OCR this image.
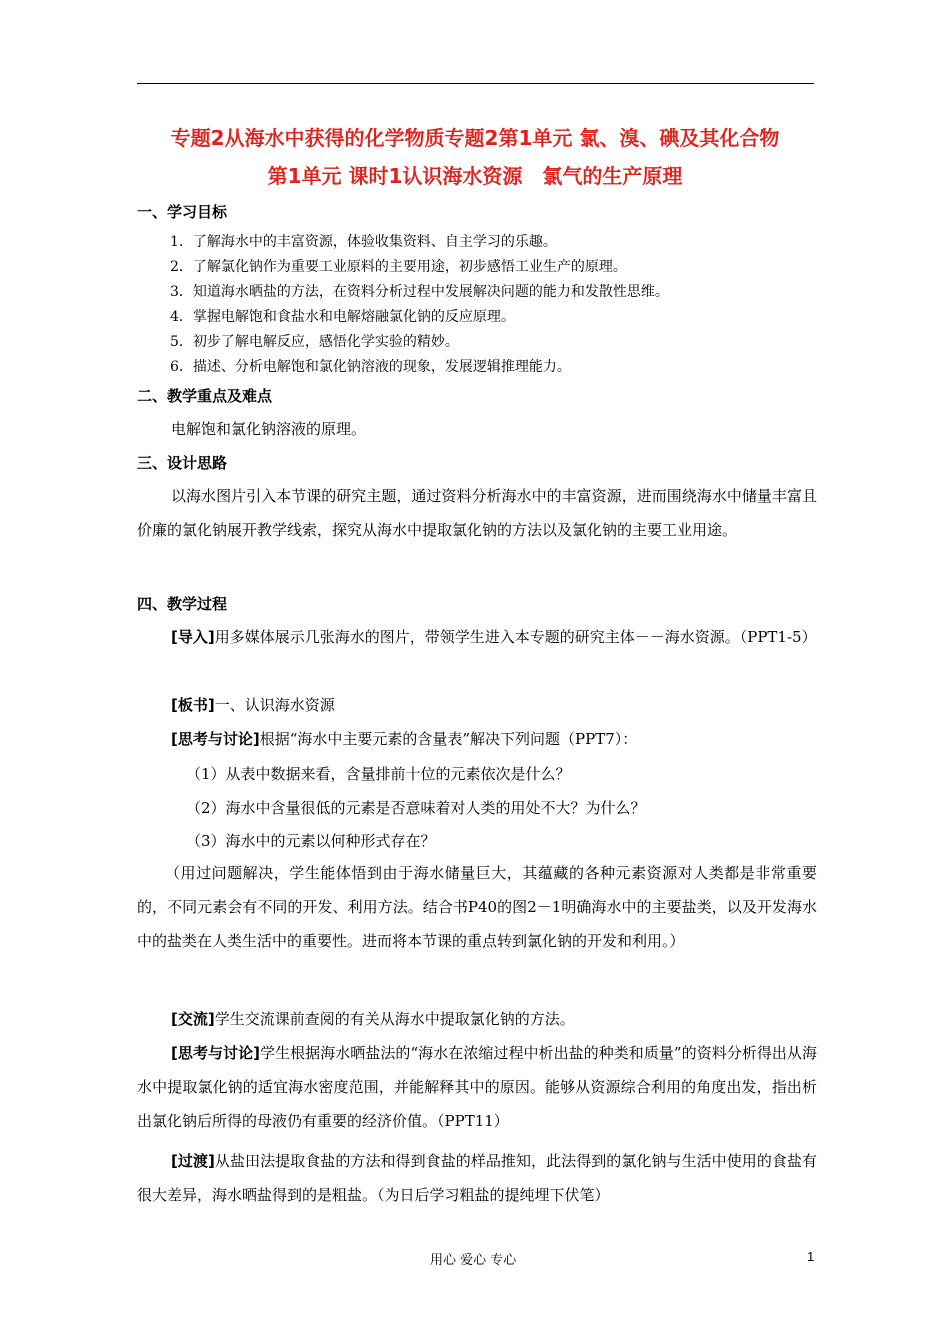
专题2从海水中获得的化学物质专题2第1单元 氯、溴、碘及其化合物
第1单元 课时1认识海水资源　氯气的生产原理
一、学习目标
1．了解海水中的丰富资源，体验收集资料、自主学习的乐趣。
2．了解氯化钠作为重要工业原料的主要用途，初步感悟工业生产的原理。
3．知道海水晒盐的方法，在资料分析过程中发展解决问题的能力和发散性思维。
4．掌握电解饱和食盐水和电解熔融氯化钠的反应原理。
5．初步了解电解反应，感悟化学实验的精妙。
6．描述、分析电解饱和氯化钠溶液的现象，发展逻辑推理能力。
二、教学重点及难点
电解饱和氯化钠溶液的原理。
三、设计思路
以海水图片引入本节课的研究主题，通过资料分析海水中的丰富资源，进而围绕海水中储量丰富且价廉的氯化钠展开教学线索，探究从海水中提取氯化钠的方法以及氯化钠的主要工业用途。
四、教学过程
[导入]用多媒体展示几张海水的图片，带领学生进入本专题的研究主体－－海水资源。（PPT1-5）
[板书]一、认识海水资源
[思考与讨论]根据“海水中主要元素的含量表”解决下列问题（PPT7）：
（1）从表中数据来看，含量排前十位的元素依次是什么？
（2）海水中含量很低的元素是否意味着对人类的用处不大？为什么？
（3）海水中的元素以何种形式存在？
（用过问题解决，学生能体悟到由于海水储量巨大，其蕴藏的各种元素资源对人类都是非常重要的，不同元素会有不同的开发、利用方法。结合书P40的图2－1明确海水中的主要盐类，以及开发海水中的盐类在人类生活中的重要性。进而将本节课的重点转到氯化钠的开发和利用。）
[交流]学生交流课前查阅的有关从海水中提取氯化钠的方法。
[思考与讨论]学生根据海水晒盐法的“海水在浓缩过程中析出盐的种类和质量”的资料分析得出从海水中提取氯化钠的适宜海水密度范围，并能解释其中的原因。能够从资源综合利用的角度出发，指出析出氯化钠后所得的母液仍有重要的经济价值。（PPT11）
[过渡]从盐田法提取食盐的方法和得到食盐的样品推知，此法得到的氯化钠与生活中使用的食盐有很大差异，海水晒盐得到的是粗盐。（为日后学习粗盐的提纯埋下伏笔）
用心 爱心 专心	1
